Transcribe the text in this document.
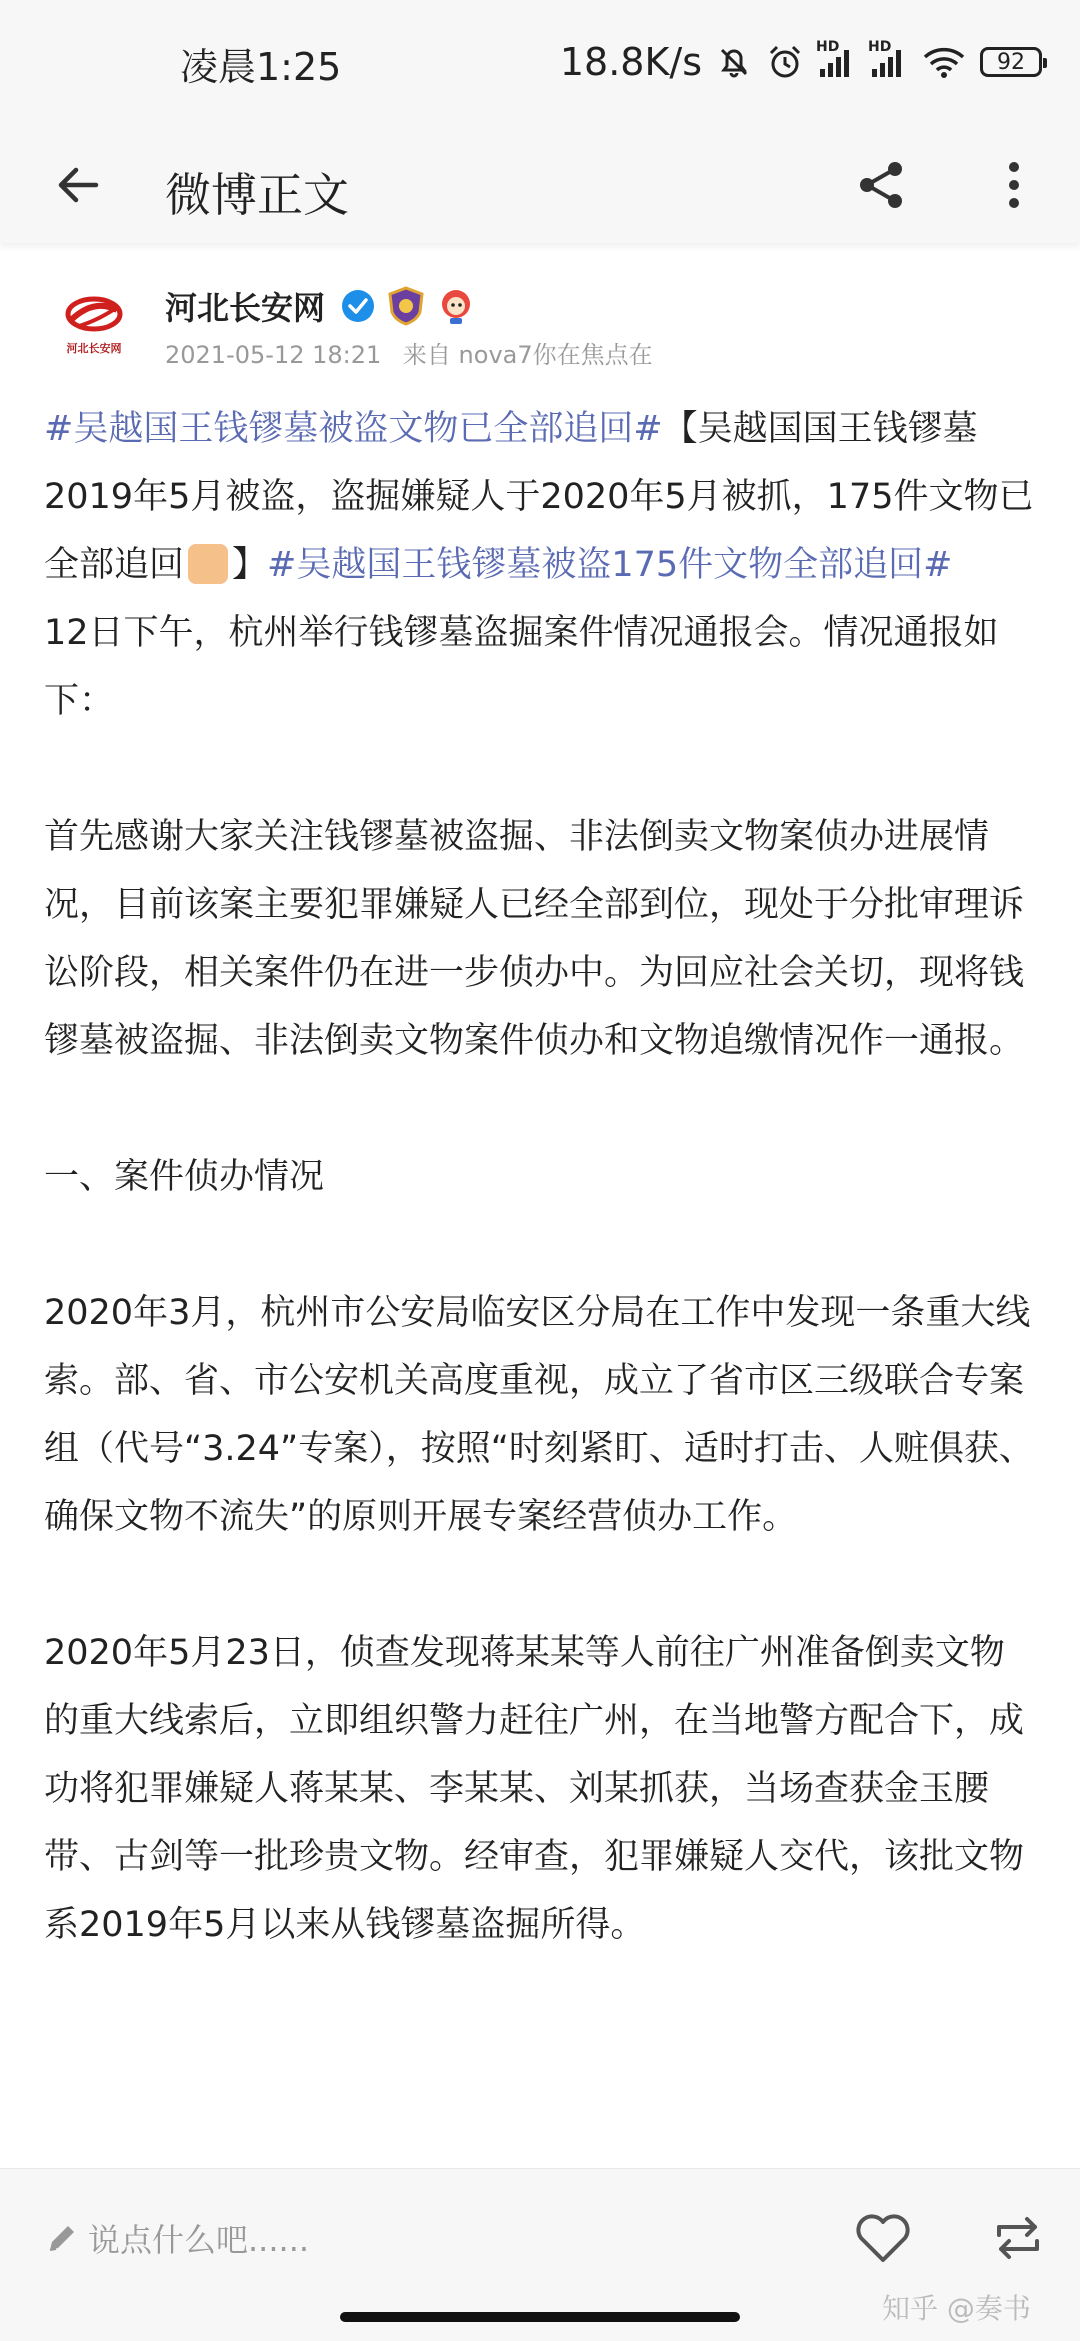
凌晨1:25	18.8K/s	HD HD
92
微博正文
河北长安网
河北长安网
2021-05-12 18:21 来自 nova7你在焦点在

#吴越国王钱镠墓被盗文物已全部追回#【吴越国国王钱镠墓2019年5月被盗，盗掘嫌疑人于2020年5月被抓，175件文物已全部追回 】#吴越国王钱镠墓被盗175件文物全部追回#
12日下午，杭州举行钱镠墓盗掘案件情况通报会。情况通报如下：

首先感谢大家关注钱镠墓被盗掘、非法倒卖文物案侦办进展情况，目前该案主要犯罪嫌疑人已经全部到位，现处于分批审理诉讼阶段，相关案件仍在进一步侦办中。为回应社会关切，现将钱镠墓被盗掘、非法倒卖文物案件侦办和文物追缴情况作一通报。

一、案件侦办情况

2020年3月，杭州市公安局临安区分局在工作中发现一条重大线索。部、省、市公安机关高度重视，成立了省市区三级联合专案组（代号“3.24”专案），按照“时刻紧盯、适时打击、人赃俱获、确保文物不流失”的原则开展专案经营侦办工作。

2020年5月23日，侦查发现蒋某某等人前往广州准备倒卖文物的重大线索后，立即组织警力赶往广州，在当地警方配合下，成功将犯罪嫌疑人蒋某某、李某某、刘某抓获，当场查获金玉腰带、古剑等一批珍贵文物。经审查，犯罪嫌疑人交代，该批文物系2019年5月以来从钱镠墓盗掘所得。

说点什么吧......
知乎 @奏书
